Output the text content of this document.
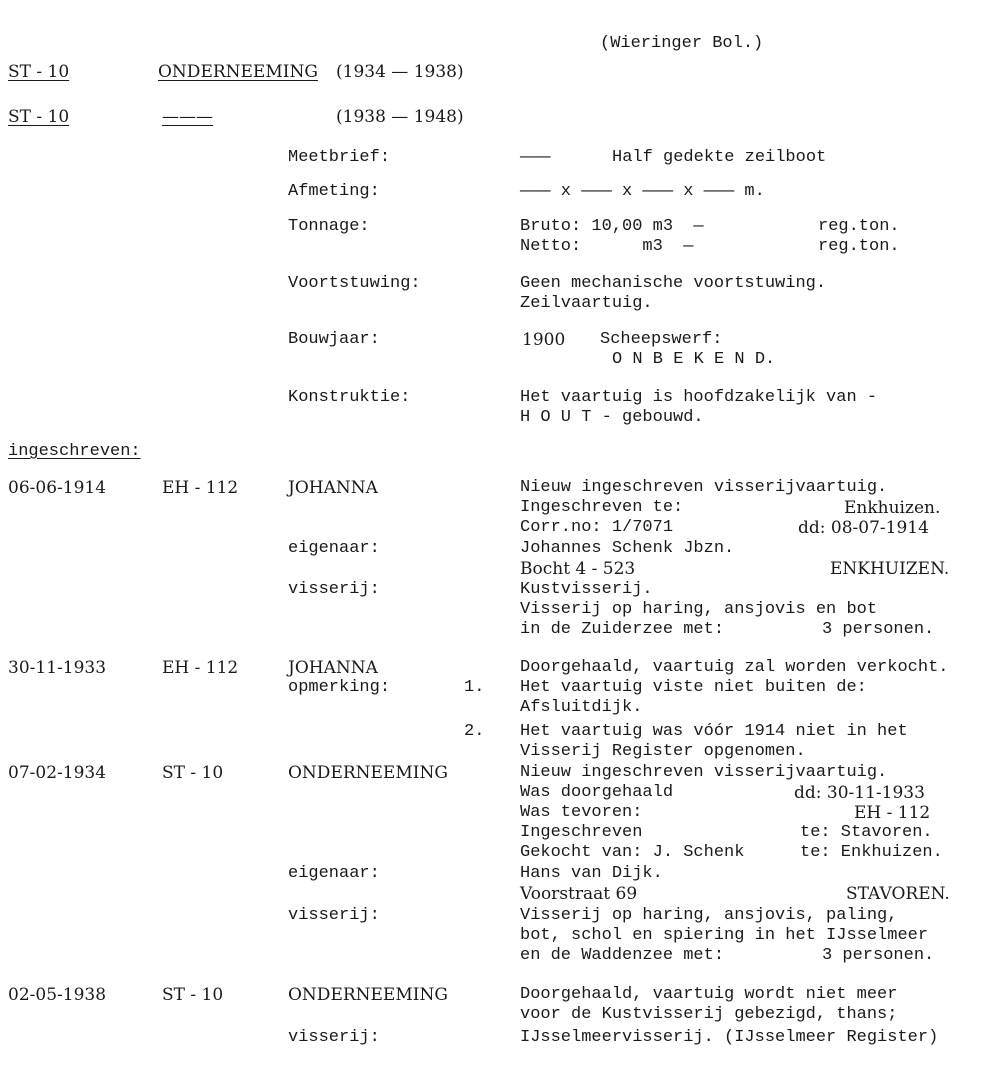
(Wieringer Bol.)
ST - 10	ONDERNEEMING (1934 — 1938)
ST - 10	———	(1938 — 1948)
Meetbrief:	———	Half gedekte zeilboot
Afmeting:	——— x ——— x ——— x ——— m.
Tonnage:	Bruto: 10,00 m3  —	reg.ton.
Netto:      m3  —	reg.ton.
Voortstuwing:	Geen mechanische voortstuwing.
Zeilvaartuig.
Bouwjaar:	1900 Scheepswerf:
O N B E K E N D.
Konstruktie:	Het vaartuig is hoofdzakelijk van -
H O U T - gebouwd.
ingeschreven:
06-06-1914	EH - 112	JOHANNA	Nieuw ingeschreven visserijvaartuig.
Ingeschreven te:	Enkhuizen.
Corr.no: 1/7071	dd: 08-07-1914
eigenaar:	Johannes Schenk Jbzn.
Bocht 4 - 523	ENKHUIZEN.
visserij:	Kustvisserij.
Visserij op haring, ansjovis en bot
in de Zuiderzee met:	3 personen.
30-11-1933	EH - 112	JOHANNA	Doorgehaald, vaartuig zal worden verkocht.
opmerking:	1. Het vaartuig viste niet buiten de:
Afsluitdijk.
2. Het vaartuig was vóór 1914 niet in het
Visserij Register opgenomen.
07-02-1934	ST - 10	ONDERNEEMING	Nieuw ingeschreven visserijvaartuig.
Was doorgehaald	dd: 30-11-1933
Was tevoren:	EH - 112
Ingeschreven	te: Stavoren.
Gekocht van: J. Schenk	te: Enkhuizen.
eigenaar:	Hans van Dijk.
Voorstraat 69	STAVOREN.
visserij:	Visserij op haring, ansjovis, paling,
bot, schol en spiering in het IJsselmeer
en de Waddenzee met:	3 personen.
02-05-1938	ST - 10	ONDERNEEMING	Doorgehaald, vaartuig wordt niet meer
voor de Kustvisserij gebezigd, thans;
visserij:	IJsselmeervisserij. (IJsselmeer Register)
